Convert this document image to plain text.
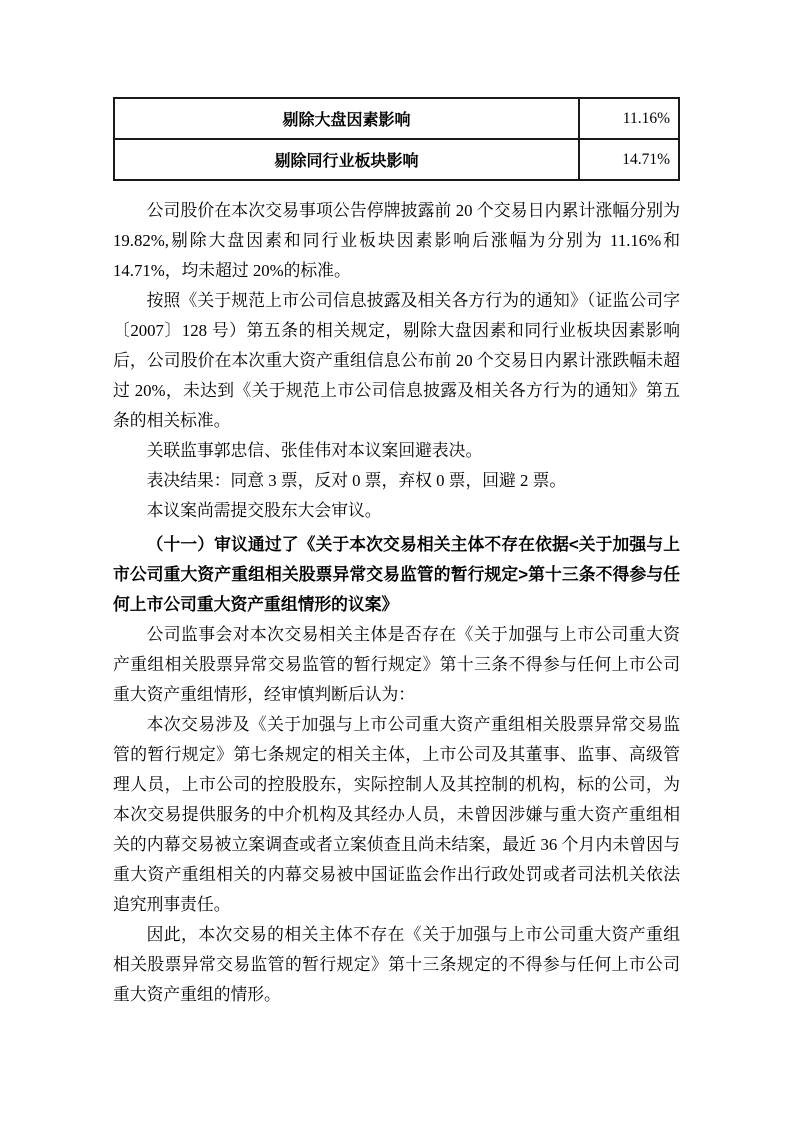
剔除大盘因素影响	11.16%
剔除同行业板块影响	14.71%

公司股价在本次交易事项公告停牌披露前 20 个交易日内累计涨幅分别为 19.82%,剔除大盘因素和同行业板块因素影响后涨幅为分别为 11.16%和 14.71%，均未超过 20%的标准。

按照《关于规范上市公司信息披露及相关各方行为的通知》（证监公司字〔2007〕128 号）第五条的相关规定，剔除大盘因素和同行业板块因素影响后，公司股价在本次重大资产重组信息公布前 20 个交易日内累计涨跌幅未超过 20%，未达到《关于规范上市公司信息披露及相关各方行为的通知》第五条的相关标准。

关联监事郭忠信、张佳伟对本议案回避表决。

表决结果：同意 3 票，反对 0 票，弃权 0 票，回避 2 票。

本议案尚需提交股东大会审议。

（十一）审议通过了《关于本次交易相关主体不存在依据<关于加强与上市公司重大资产重组相关股票异常交易监管的暂行规定>第十三条不得参与任何上市公司重大资产重组情形的议案》

公司监事会对本次交易相关主体是否存在《关于加强与上市公司重大资产重组相关股票异常交易监管的暂行规定》第十三条不得参与任何上市公司重大资产重组情形，经审慎判断后认为：

本次交易涉及《关于加强与上市公司重大资产重组相关股票异常交易监管的暂行规定》第七条规定的相关主体，上市公司及其董事、监事、高级管理人员，上市公司的控股股东，实际控制人及其控制的机构，标的公司，为本次交易提供服务的中介机构及其经办人员，未曾因涉嫌与重大资产重组相关的内幕交易被立案调查或者立案侦查且尚未结案，最近 36 个月内未曾因与重大资产重组相关的内幕交易被中国证监会作出行政处罚或者司法机关依法追究刑事责任。

因此，本次交易的相关主体不存在《关于加强与上市公司重大资产重组相关股票异常交易监管的暂行规定》第十三条规定的不得参与任何上市公司重大资产重组的情形。
